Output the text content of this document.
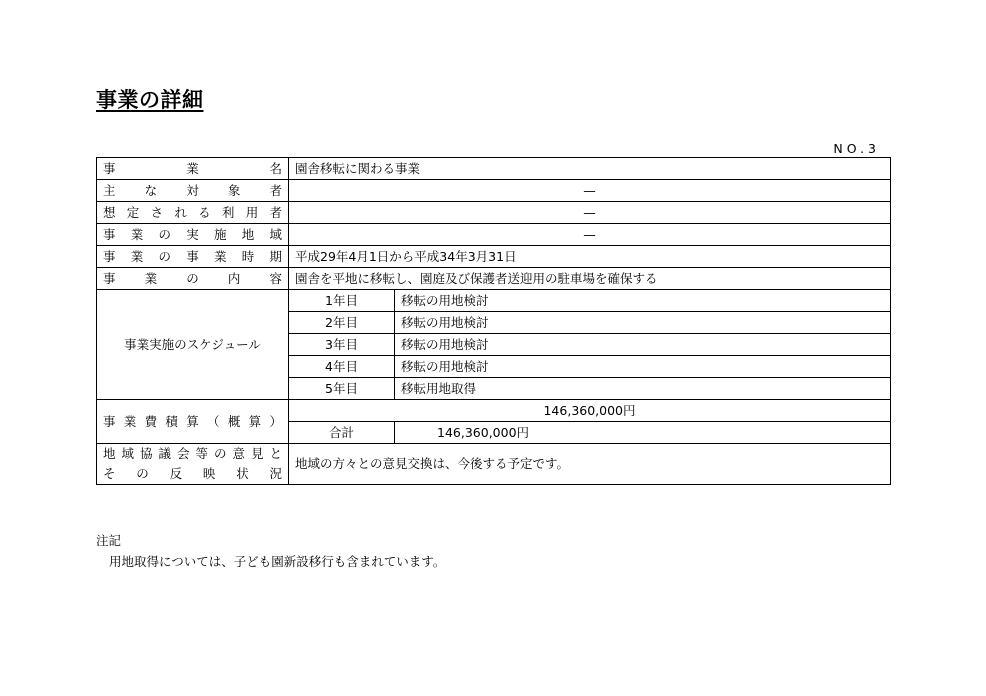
事業の詳細
NO.3
事業名	園舎移転に関わる事業	
主な対象者	—	
想定される利用者	—	
事業の実施地域	—	
事業の事業時期	平成29年4月1日から平成34年3月31日	
事業の内容	園舎を平地に移転し、園庭及び保護者送迎用の駐車場を確保する	
事業実施のスケジュール	1年目	移転の用地検討
	2年目	移転の用地検討
	3年目	移転の用地検討
	4年目	移転の用地検討
	5年目	移転用地取得
事業費積算（概算）	146,360,000円	
	合計	146,360,000円

地域協議会等の意見と
その反映状況	地域の方々との意見交換は、今後する予定です。	
注記
用地取得については、子ども園新設移行も含まれています。
